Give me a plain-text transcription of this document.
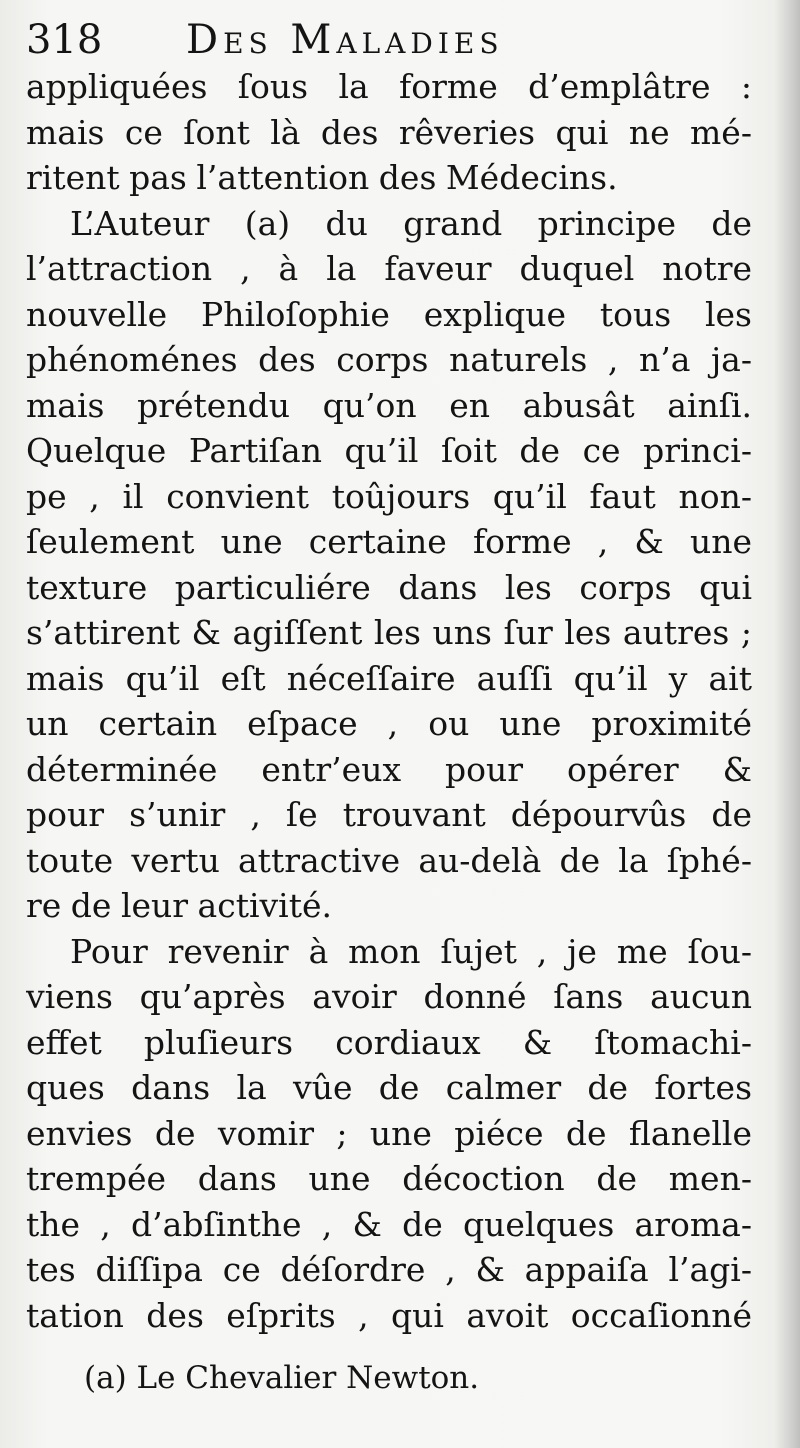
318 Des Maladies
appliquées ſous la forme d’emplâtre :
mais ce ſont là des rêveries qui ne mé-
ritent pas l’attention des Médecins.
L’Auteur (a) du grand principe de
l’attraction , à la faveur duquel notre
nouvelle Philoſophie explique tous les
phénoménes des corps naturels , n’a ja-
mais prétendu qu’on en abusât ainſi.
Quelque Partiſan qu’il ſoit de ce princi-
pe , il convient toûjours qu’il faut non-
ſeulement une certaine forme , & une
texture particuliére dans les corps qui
s’attirent & agiſſent les uns ſur les autres ;
mais qu’il eſt néceſſaire auſſi qu’il y ait
un certain eſpace , ou une proximité
déterminée entr’eux pour opérer &
pour s’unir , ſe trouvant dépourvûs de
toute vertu attractive au-delà de la ſphé-
re de leur activité.
Pour revenir à mon ſujet , je me ſou-
viens qu’après avoir donné ſans aucun
effet pluſieurs cordiaux & ſtomachi-
ques dans la vûe de calmer de fortes
envies de vomir ; une piéce de flanelle
trempée dans une décoction de men-
the , d’abſinthe , & de quelques aroma-
tes diſſipa ce déſordre , & appaiſa l’agi-
tation des eſprits , qui avoit occaſionné
(a) Le Chevalier Newton.
